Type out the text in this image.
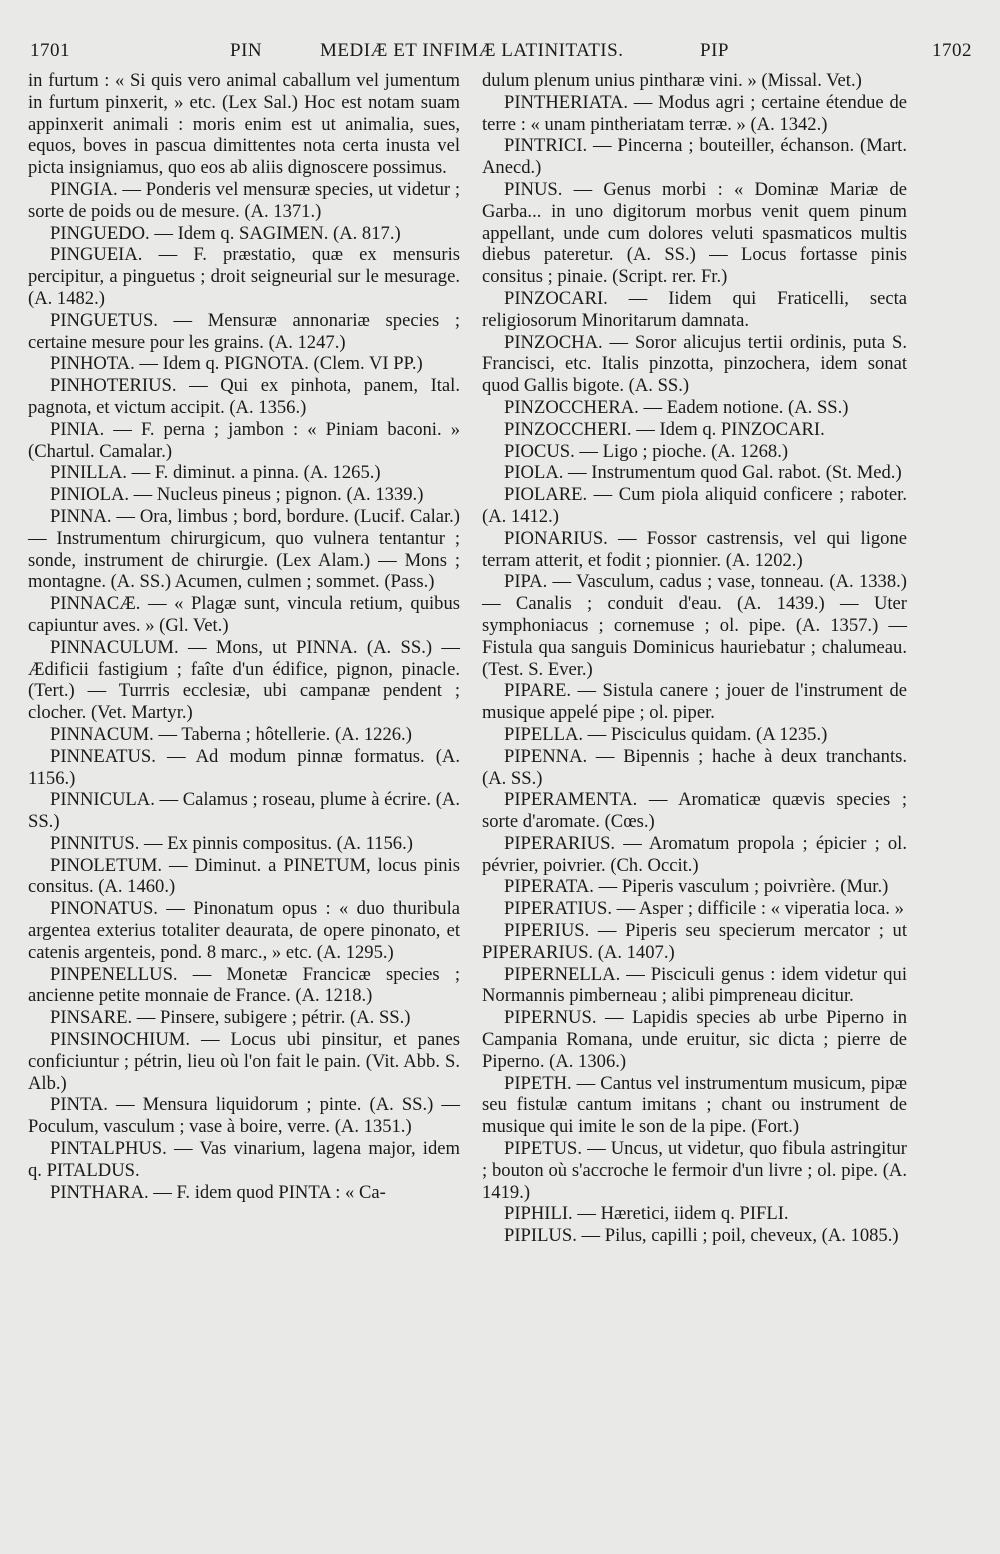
1701	PIN	MEDIÆ ET INFIMÆ LATINITATIS.	PIP	1702

in furtum : « Si quis vero animal caballum vel jumentum in furtum pinxerit, » etc. (Lex Sal.) Hoc est notam suam appinxerit animali : moris enim est ut animalia, sues, equos, boves in pascua dimittentes nota certa inusta vel picta insigniamus, quo eos ab aliis dignoscere possimus.

PINGIA. — Ponderis vel mensuræ species, ut videtur ; sorte de poids ou de mesure. (A. 1371.)

PINGUEDO. — Idem q. SAGIMEN. (A. 817.)

PINGUEIA. — F. præstatio, quæ ex mensuris percipitur, a pinguetus ; droit seigneurial sur le mesurage. (A. 1482.)

PINGUETUS. — Mensuræ annonariæ species ; certaine mesure pour les grains. (A. 1247.)

PINHOTA. — Idem q. PIGNOTA. (Clem. VI PP.)

PINHOTERIUS. — Qui ex pinhota, panem, Ital. pagnota, et victum accipit. (A. 1356.)

PINIA. — F. perna ; jambon : « Piniam baconi. » (Chartul. Camalar.)

PINILLA. — F. diminut. a pinna. (A. 1265.)

PINIOLA. — Nucleus pineus ; pignon. (A. 1339.)

PINNA. — Ora, limbus ; bord, bordure. (Lucif. Calar.) — Instrumentum chirurgicum, quo vulnera tentantur ; sonde, instrument de chirurgie. (Lex Alam.) — Mons ; montagne. (A. SS.) Acumen, culmen ; sommet. (Pass.)

PINNACÆ. — « Plagæ sunt, vincula retium, quibus capiuntur aves. » (Gl. Vet.)

PINNACULUM. — Mons, ut PINNA. (A. SS.) — Ædificii fastigium ; faîte d'un édifice, pignon, pinacle. (Tert.) — Turrris ecclesiæ, ubi campanæ pendent ; clocher. (Vet. Martyr.)

PINNACUM. — Taberna ; hôtellerie. (A. 1226.)

PINNEATUS. — Ad modum pinnæ formatus. (A. 1156.)

PINNICULA. — Calamus ; roseau, plume à écrire. (A. SS.)

PINNITUS. — Ex pinnis compositus. (A. 1156.)

PINOLETUM. — Diminut. a PINETUM, locus pinis consitus. (A. 1460.)

PINONATUS. — Pinonatum opus : « duo thuribula argentea exterius totaliter deaurata, de opere pinonato, et catenis argenteis, pond. 8 marc., » etc. (A. 1295.)

PINPENELLUS. — Monetæ Francicæ species ; ancienne petite monnaie de France. (A. 1218.)

PINSARE. — Pinsere, subigere ; pétrir. (A. SS.)

PINSINOCHIUM. — Locus ubi pinsitur, et panes conficiuntur ; pétrin, lieu où l'on fait le pain. (Vit. Abb. S. Alb.)

PINTA. — Mensura liquidorum ; pinte. (A. SS.) — Poculum, vasculum ; vase à boire, verre. (A. 1351.)

PINTALPHUS. — Vas vinarium, lagena major, idem q. PITALDUS.

PINTHARA. — F. idem quod PINTA : « Ca-

dulum plenum unius pintharæ vini. » (Missal. Vet.)

PINTHERIATA. — Modus agri ; certaine étendue de terre : « unam pintheriatam terræ. » (A. 1342.)

PINTRICI. — Pincerna ; bouteiller, échanson. (Mart. Anecd.)

PINUS. — Genus morbi : « Dominæ Mariæ de Garba... in uno digitorum morbus venit quem pinum appellant, unde cum dolores veluti spasmaticos multis diebus pateretur. (A. SS.) — Locus fortasse pinis consitus ; pinaie. (Script. rer. Fr.)

PINZOCARI. — Iidem qui Fraticelli, secta religiosorum Minoritarum damnata.

PINZOCHA. — Soror alicujus tertii ordinis, puta S. Francisci, etc. Italis pinzotta, pinzochera, idem sonat quod Gallis bigote. (A. SS.)

PINZOCCHERA. — Eadem notione. (A. SS.)

PINZOCCHERI. — Idem q. PINZOCARI.

PIOCUS. — Ligo ; pioche. (A. 1268.)

PIOLA. — Instrumentum quod Gal. rabot. (St. Med.)

PIOLARE. — Cum piola aliquid conficere ; raboter. (A. 1412.)

PIONARIUS. — Fossor castrensis, vel qui ligone terram atterit, et fodit ; pionnier. (A. 1202.)

PIPA. — Vasculum, cadus ; vase, tonneau. (A. 1338.) — Canalis ; conduit d'eau. (A. 1439.) — Uter symphoniacus ; cornemuse ; ol. pipe. (A. 1357.) — Fistula qua sanguis Dominicus hauriebatur ; chalumeau. (Test. S. Ever.)

PIPARE. — Sistula canere ; jouer de l'instrument de musique appelé pipe ; ol. piper.

PIPELLA. — Pisciculus quidam. (A 1235.)

PIPENNA. — Bipennis ; hache à deux tranchants. (A. SS.)

PIPERAMENTA. — Aromaticæ quævis species ; sorte d'aromate. (Cœs.)

PIPERARIUS. — Aromatum propola ; épicier ; ol. pévrier, poivrier. (Ch. Occit.)

PIPERATA. — Piperis vasculum ; poivrière. (Mur.)

PIPERATIUS. — Asper ; difficile : « viperatia loca. »

PIPERIUS. — Piperis seu specierum mercator ; ut PIPERARIUS. (A. 1407.)

PIPERNELLA. — Pisciculi genus : idem videtur qui Normannis pimberneau ; alibi pimpreneau dicitur.

PIPERNUS. — Lapidis species ab urbe Piperno in Campania Romana, unde eruitur, sic dicta ; pierre de Piperno. (A. 1306.)

PIPETH. — Cantus vel instrumentum musicum, pipæ seu fistulæ cantum imitans ; chant ou instrument de musique qui imite le son de la pipe. (Fort.)

PIPETUS. — Uncus, ut videtur, quo fibula astringitur ; bouton où s'accroche le fermoir d'un livre ; ol. pipe. (A. 1419.)

PIPHILI. — Hæretici, iidem q. PIFLI.

PIPILUS. — Pilus, capilli ; poil, cheveux, (A. 1085.)
